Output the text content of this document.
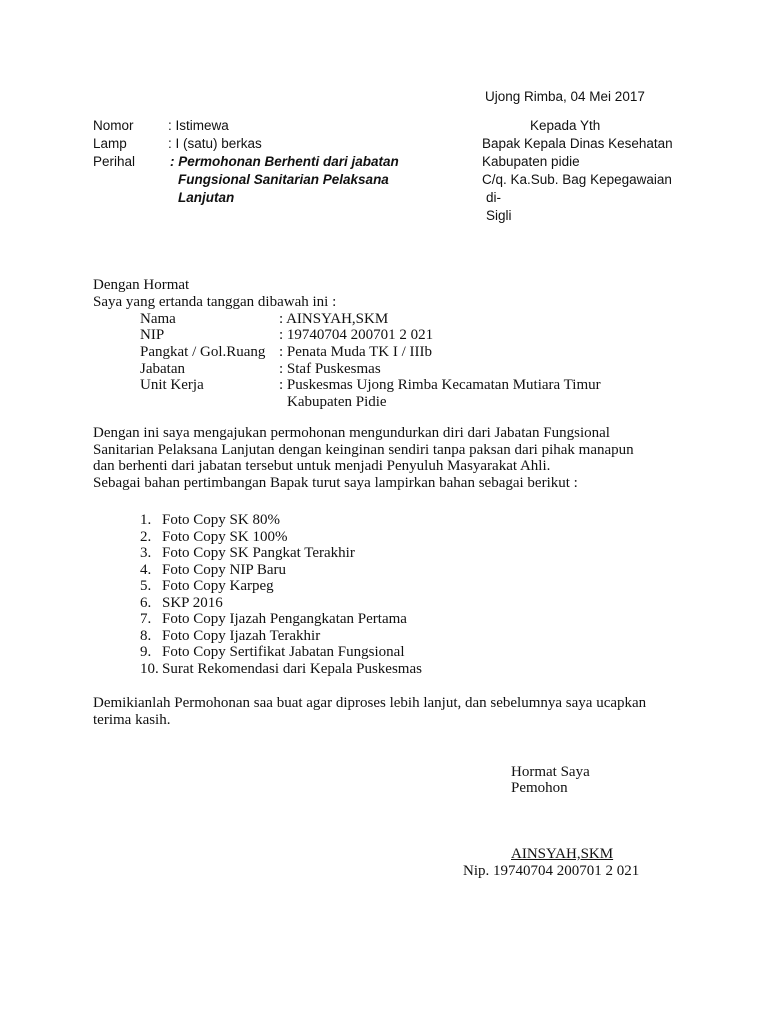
Ujong Rimba, 04 Mei 2017
Nomor	: Istimewa
Lamp	: I (satu) berkas
Perihal	: Permohonan Berhenti dari jabatan
Fungsional Sanitarian Pelaksana
Lanjutan
Kepada Yth
Bapak Kepala Dinas Kesehatan
Kabupaten pidie
C/q. Ka.Sub. Bag Kepegawaian
di-
Sigli
Dengan Hormat
Saya yang ertanda tanggan dibawah ini :
Nama	: AINSYAH,SKM
NIP	: 19740704 200701 2 021
Pangkat / Gol.Ruang : Penata Muda TK I / IIIb
Jabatan	: Staf Puskesmas
Unit Kerja	: Puskesmas Ujong Rimba Kecamatan Mutiara Timur
Kabupaten Pidie
Dengan ini saya mengajukan permohonan mengundurkan diri dari Jabatan Fungsional
Sanitarian Pelaksana Lanjutan dengan keinginan sendiri tanpa paksan dari pihak manapun
dan berhenti dari jabatan tersebut untuk menjadi Penyuluh Masyarakat Ahli.
Sebagai bahan pertimbangan Bapak turut saya lampirkan bahan sebagai berikut :
1. Foto Copy SK 80%
2. Foto Copy SK 100%
3. Foto Copy SK Pangkat Terakhir
4. Foto Copy NIP Baru
5. Foto Copy Karpeg
6. SKP 2016
7. Foto Copy Ijazah Pengangkatan Pertama
8. Foto Copy Ijazah Terakhir
9. Foto Copy Sertifikat Jabatan Fungsional
10. Surat Rekomendasi dari Kepala Puskesmas
Demikianlah Permohonan saa buat agar diproses lebih lanjut, dan sebelumnya saya ucapkan
terima kasih.
Hormat Saya
Pemohon
AINSYAH,SKM
Nip. 19740704 200701 2 021
